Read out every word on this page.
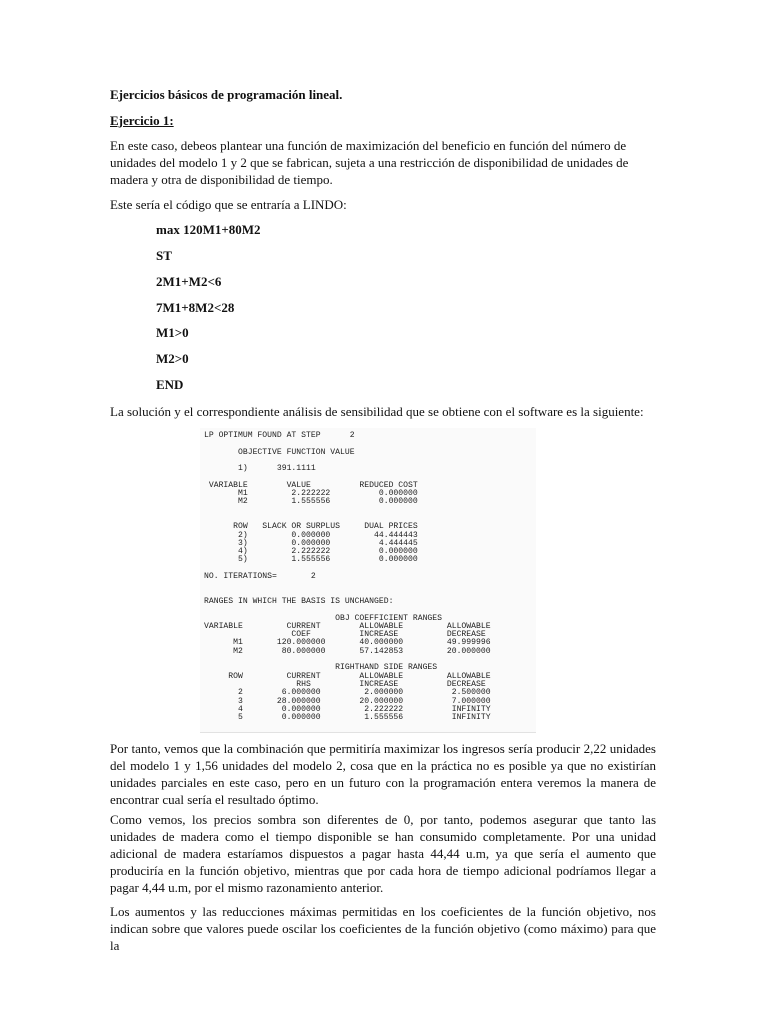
Ejercicios básicos de programación lineal.

Ejercicio 1:

En este caso, debeos plantear una función de maximización del beneficio en función del número de unidades del modelo 1 y 2 que se fabrican, sujeta a una restricción de disponibilidad de unidades de madera y otra de disponibilidad de tiempo.

Este sería el código que se entraría a LINDO:

max 120M1+80M2

ST

2M1+M2<6

7M1+8M2<28

M1>0

M2>0

END

La solución y el correspondiente análisis de sensibilidad que se obtiene con el software es la siguiente:

LP OPTIMUM FOUND AT STEP      2

OBJECTIVE FUNCTION VALUE

1)      391.1111

VARIABLE        VALUE          REDUCED COST
M1         2.222222          0.000000
M2         1.555556          0.000000

ROW   SLACK OR SURPLUS     DUAL PRICES
2)         0.000000         44.444443
3)         0.000000          4.444445
4)         2.222222          0.000000
5)         1.555556          0.000000

NO. ITERATIONS=       2

RANGES IN WHICH THE BASIS IS UNCHANGED:

OBJ COEFFICIENT RANGES
VARIABLE         CURRENT        ALLOWABLE         ALLOWABLE
COEF          INCREASE          DECREASE
M1       120.000000       40.000000         49.999996
M2        80.000000       57.142853         20.000000

RIGHTHAND SIDE RANGES
ROW         CURRENT        ALLOWABLE         ALLOWABLE
RHS          INCREASE          DECREASE
2        6.000000         2.000000          2.500000
3       28.000000        20.000000          7.000000
4        0.000000         2.222222          INFINITY
5        0.000000         1.555556          INFINITY

Por tanto, vemos que la combinación que permitiría maximizar los ingresos sería producir 2,22 unidades del modelo 1 y 1,56 unidades del modelo 2, cosa que en la práctica no es posible ya que no existirían unidades parciales en este caso, pero en un futuro con la programación entera veremos la manera de encontrar cual sería el resultado óptimo.

Como vemos, los precios sombra son diferentes de 0, por tanto, podemos asegurar que tanto las unidades de madera como el tiempo disponible se han consumido completamente. Por una unidad adicional de madera estaríamos dispuestos a pagar hasta 44,44 u.m, ya que sería el aumento que produciría en la función objetivo, mientras que por cada hora de tiempo adicional podríamos llegar a pagar 4,44 u.m, por el mismo razonamiento anterior.

Los aumentos y las reducciones máximas permitidas en los coeficientes de la función objetivo, nos indican sobre que valores puede oscilar los coeficientes de la función objetivo (como máximo) para que la
